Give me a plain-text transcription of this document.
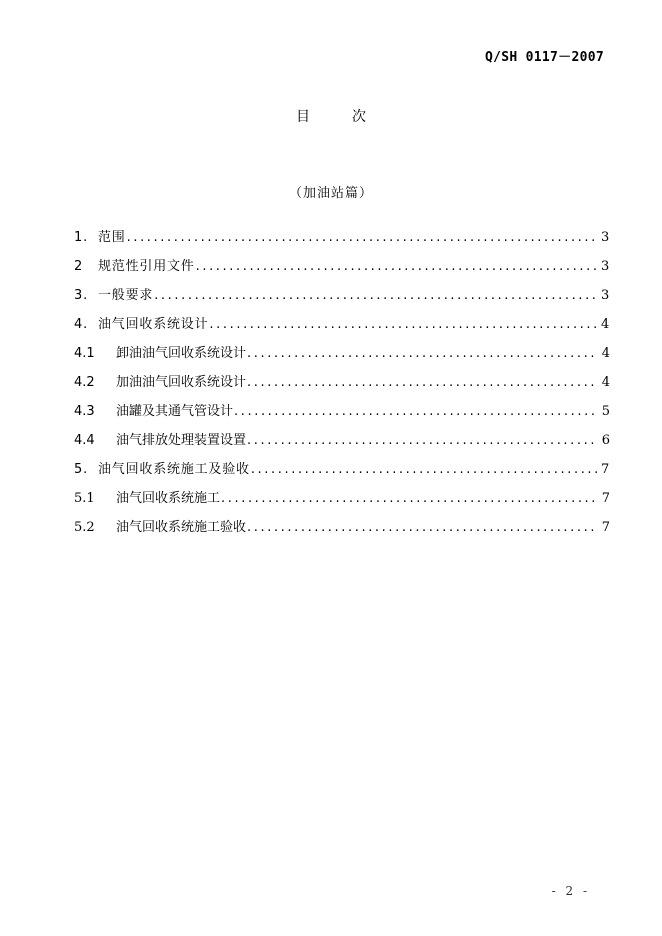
Q/SH 0117－2007
目　次
（加油站篇）
1. 范围 .....	3
2	规范性引用文件 .....	3
3. 一般要求 .....	3
4. 油气回收系统设计 .....	4
4.1	卸油油气回收系统设计 .....	4
4.2	加油油气回收系统设计 .....	4
4.3	油罐及其通气管设计 .....	5
4.4	油气排放处理装置设置 .....	6
5. 油气回收系统施工及验收 .....	7
5.1	油气回收系统施工 .....	7
5.2	油气回收系统施工验收 .....	7
- 2 -
